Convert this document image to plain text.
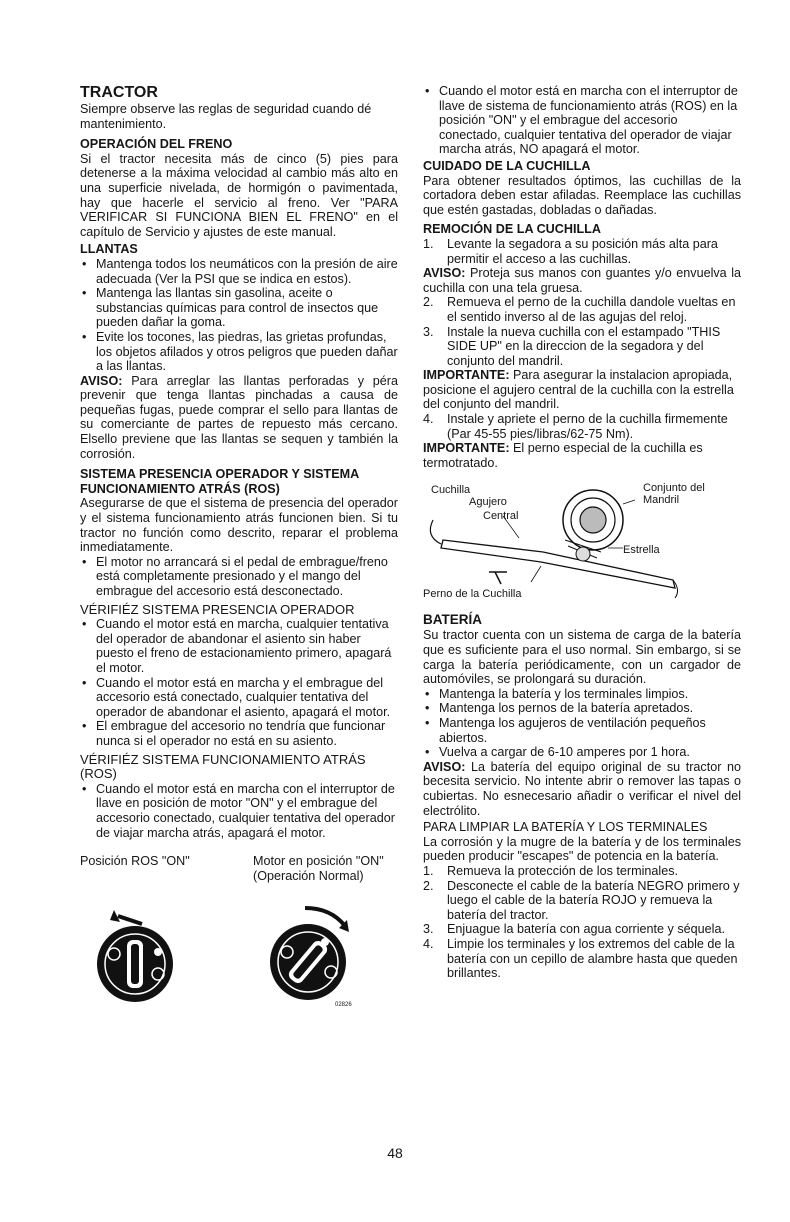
TRACTOR

Siempre observe las reglas de seguridad cuando dé mantenimiento.

OPERACIÓN DEL FRENO

Si el tractor necesita más de cinco (5) pies para detenerse a la máxima velocidad al cambio más alto en una superficie nivelada, de hormigón o pavimentada, hay que hacerle el servicio al freno. Ver "PARA VERIFICAR SI FUNCIONA BIEN EL FRENO" en el capítulo de Servicio y ajustes de este manual.

LLANTAS

• Mantenga todos los neumáticos con la presión de aire adecuada (Ver la PSI que se indica en estos).
• Mantenga las llantas sin gasolina, aceite o substancias químicas para control de insectos que pueden dañar la goma.
• Evite los tocones, las piedras, las grietas profundas, los objetos afilados y otros peligros que pueden dañar a las llantas.

AVISO: Para arreglar las llantas perforadas y péra prevenir que tenga llantas pinchadas a causa de pequeñas fugas, puede comprar el sello para llantas de su comerciante de partes de repuesto más cercano. Elsello previene que las llantas se sequen y también la corrosión.

SISTEMA PRESENCIA OPERADOR Y SISTEMA FUNCIONAMIENTO ATRÁS (ROS)

Asegurarse de que el sistema de presencia del operador y el sistema funcionamiento atrás funcionen bien. Si tu tractor no función como descrito, reparar el problema inmediatamente.

• El motor no arrancará si el pedal de embrague/freno está completamente presionado y el mango del embrague del accesorio está desconectado.

VÉRIFIÉZ SISTEMA PRESENCIA OPERADOR

• Cuando el motor está en marcha, cualquier tentativa del operador de abandonar el asiento sin haber puesto el freno de estacionamiento primero, apagará el motor.
• Cuando el motor está en marcha y el embrague del accesorio está conectado, cualquier tentativa del operador de abandonar el asiento, apagará el motor.
• El embrague del accesorio no tendría que funcionar nunca si el operador no está en su asiento.

VÉRIFIÉZ SISTEMA FUNCIONAMIENTO ATRÁS (ROS)

• Cuando el motor está en marcha con el interruptor de llave en posición de motor "ON" y el embrague del accesorio conectado, cualquier tentativa del operador de viajar marcha atrás, apagará el motor.
Posición ROS "ON"	Motor en posición "ON" (Operación Normal)
02826
• Cuando el motor está en marcha con el interruptor de llave de sistema de funcionamiento atrás (ROS) en la posición "ON" y el embrague del accesorio conectado, cualquier tentativa del operador de viajar marcha atrás, NO apagará el motor.

CUIDADO DE LA CUCHILLA

Para obtener resultados óptimos, las cuchillas de la cortadora deben estar afiladas. Reemplace las cuchillas que estén gastadas, dobladas o dañadas.

REMOCIÓN DE LA CUCHILLA

1. Levante la segadora a su posición más alta para permitir el acceso a las cuchillas.

AVISO: Proteja sus manos con guantes y/o envuelva la cuchilla con una tela gruesa.

2. Remueva el perno de la cuchilla dandole vueltas en el sentido inverso al de las agujas del reloj.
3. Instale la nueva cuchilla con el estampado "THIS SIDE UP" en la direccion de la segadora y del conjunto del mandril.

IMPORTANTE: Para asegurar la instalacion apropiada, posicione el agujero central de la cuchilla con la estrella del conjunto del mandril.

4. Instale y apriete el perno de la cuchilla firmemente (Par 45-55 pies/libras/62-75 Nm).

IMPORTANTE: El perno especial de la cuchilla es termotratado.

Cuchilla
Agujero
Central
Conjunto del
Mandril
Estrella
Perno de la Cuchilla

BATERÍA

Su tractor cuenta con un sistema de carga de la batería que es suficiente para el uso normal. Sin embargo, si se carga la batería periódicamente, con un cargador de automóviles, se prolongará su duración.

• Mantenga la batería y los terminales limpios.
• Mantenga los pernos de la batería apretados.
• Mantenga los agujeros de ventilación pequeños abiertos.
• Vuelva a cargar de 6-10 amperes por 1 hora.

AVISO: La batería del equipo original de su tractor no becesita servicio. No intente abrir o remover las tapas o cubiertas. No esnecesario añadir o verificar el nivel del electrólito.

PARA LIMPIAR LA BATERÍA Y LOS TERMINALES

La corrosión y la mugre de la batería y de los terminales pueden producir "escapes" de potencia en la batería.

1. Remueva la protección de los terminales.
2. Desconecte el cable de la batería NEGRO primero y luego el cable de la batería ROJO y remueva la batería del tractor.
3. Enjuague la batería con agua corriente y séquela.
4. Limpie los terminales y los extremos del cable de la batería con un cepillo de alambre hasta que queden brillantes.
48
